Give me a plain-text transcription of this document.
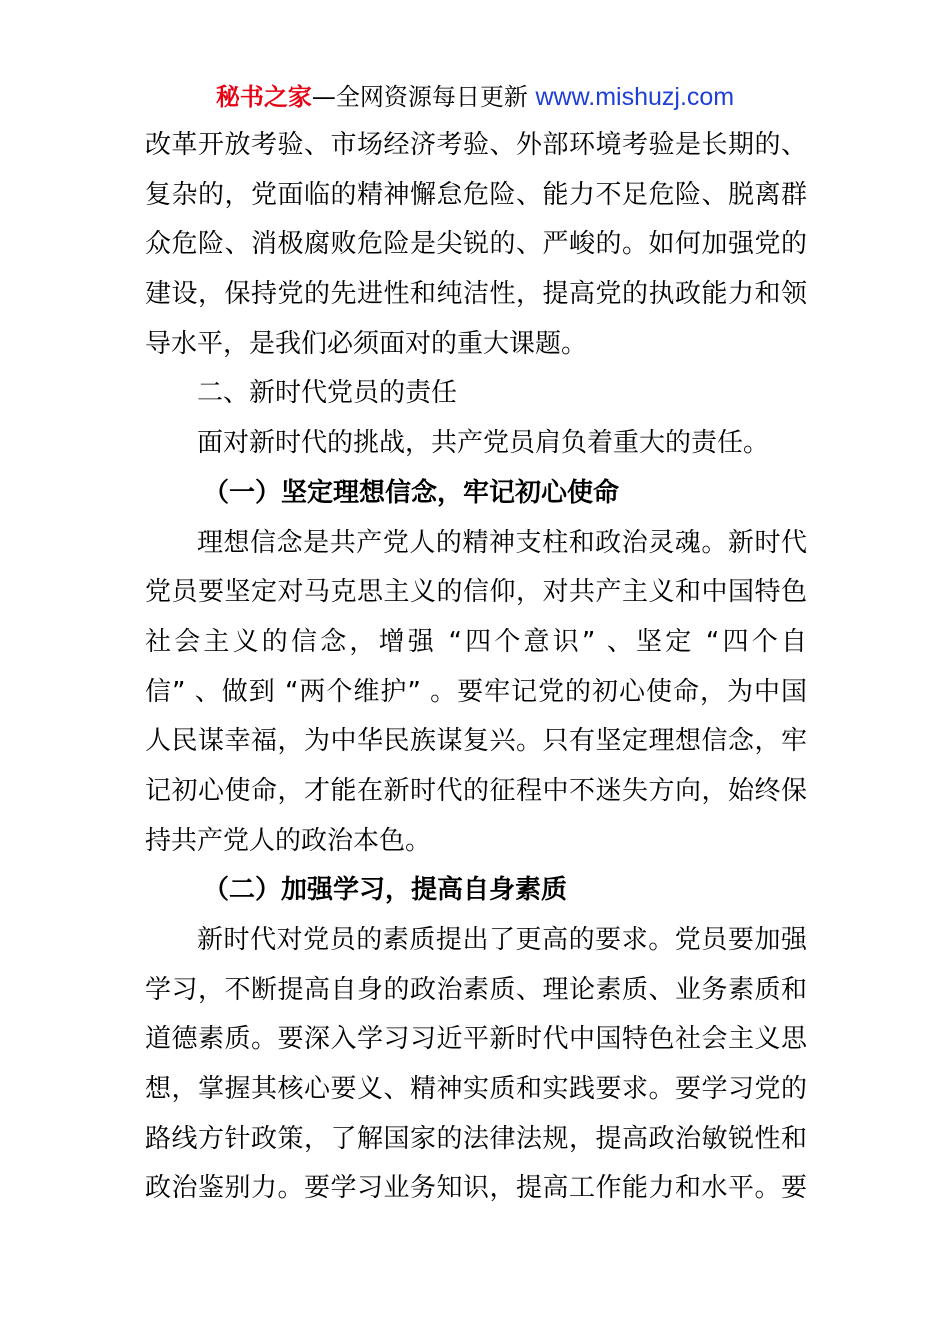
秘书之家—全网资源每日更新 www.mishuzj.com
改革开放考验、市场经济考验、外部环境考验是长期的、
复杂的，党面临的精神懈怠危险、能力不足危险、脱离群
众危险、消极腐败危险是尖锐的、严峻的。如何加强党的
建设，保持党的先进性和纯洁性，提高党的执政能力和领
导水平，是我们必须面对的重大课题。
二、新时代党员的责任
面对新时代的挑战，共产党员肩负着重大的责任。
（一）坚定理想信念，牢记初心使命
理想信念是共产党人的精神支柱和政治灵魂。新时代
党员要坚定对马克思主义的信仰，对共产主义和中国特色
社会主义的信念，增强 “四个意识” 、坚定 “四个自
信” 、做到 “两个维护” 。要牢记党的初心使命，为中国
人民谋幸福，为中华民族谋复兴。只有坚定理想信念，牢
记初心使命，才能在新时代的征程中不迷失方向，始终保
持共产党人的政治本色。
（二）加强学习，提高自身素质
新时代对党员的素质提出了更高的要求。党员要加强
学习，不断提高自身的政治素质、理论素质、业务素质和
道德素质。要深入学习习近平新时代中国特色社会主义思
想，掌握其核心要义、精神实质和实践要求。要学习党的
路线方针政策，了解国家的法律法规，提高政治敏锐性和
政治鉴别力。要学习业务知识，提高工作能力和水平。要
